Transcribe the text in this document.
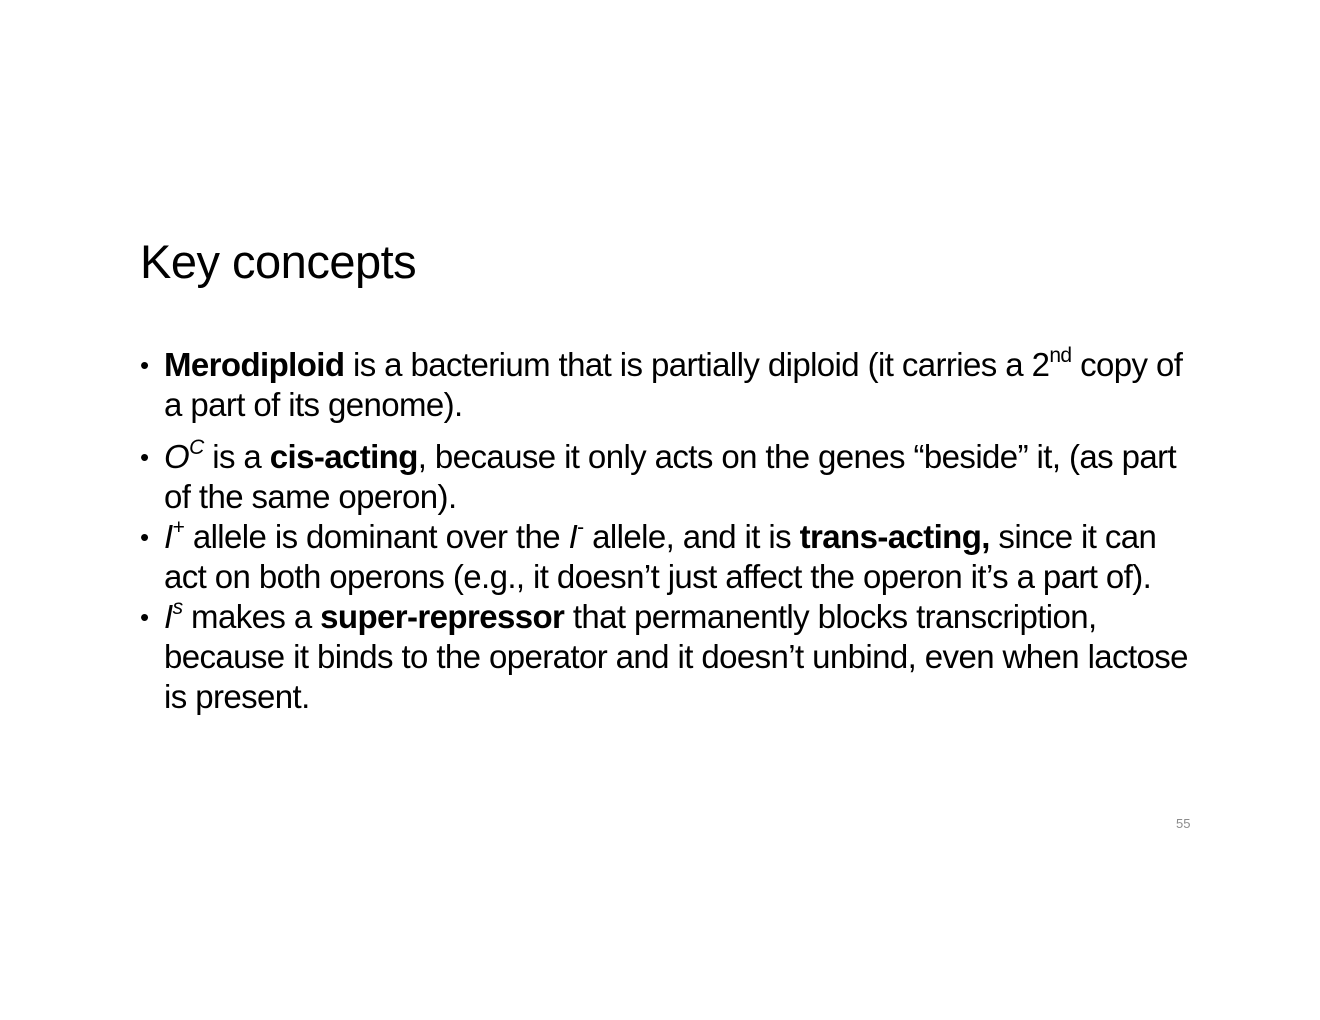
Key concepts
• Merodiploid is a bacterium that is partially diploid (it carries a 2nd copy of a part of its genome).
• $O^C$ is a cis-acting, because it only acts on the genes “beside” it, (as part of the same operon).
• I+ allele is dominant over the I- allele, and it is trans-acting, since it can act on both operons (e.g., it doesn’t just affect the operon it’s a part of).
• $I^s$ makes a super-repressor that permanently blocks transcription, because it binds to the operator and it doesn’t unbind, even when lactose is present.
55
